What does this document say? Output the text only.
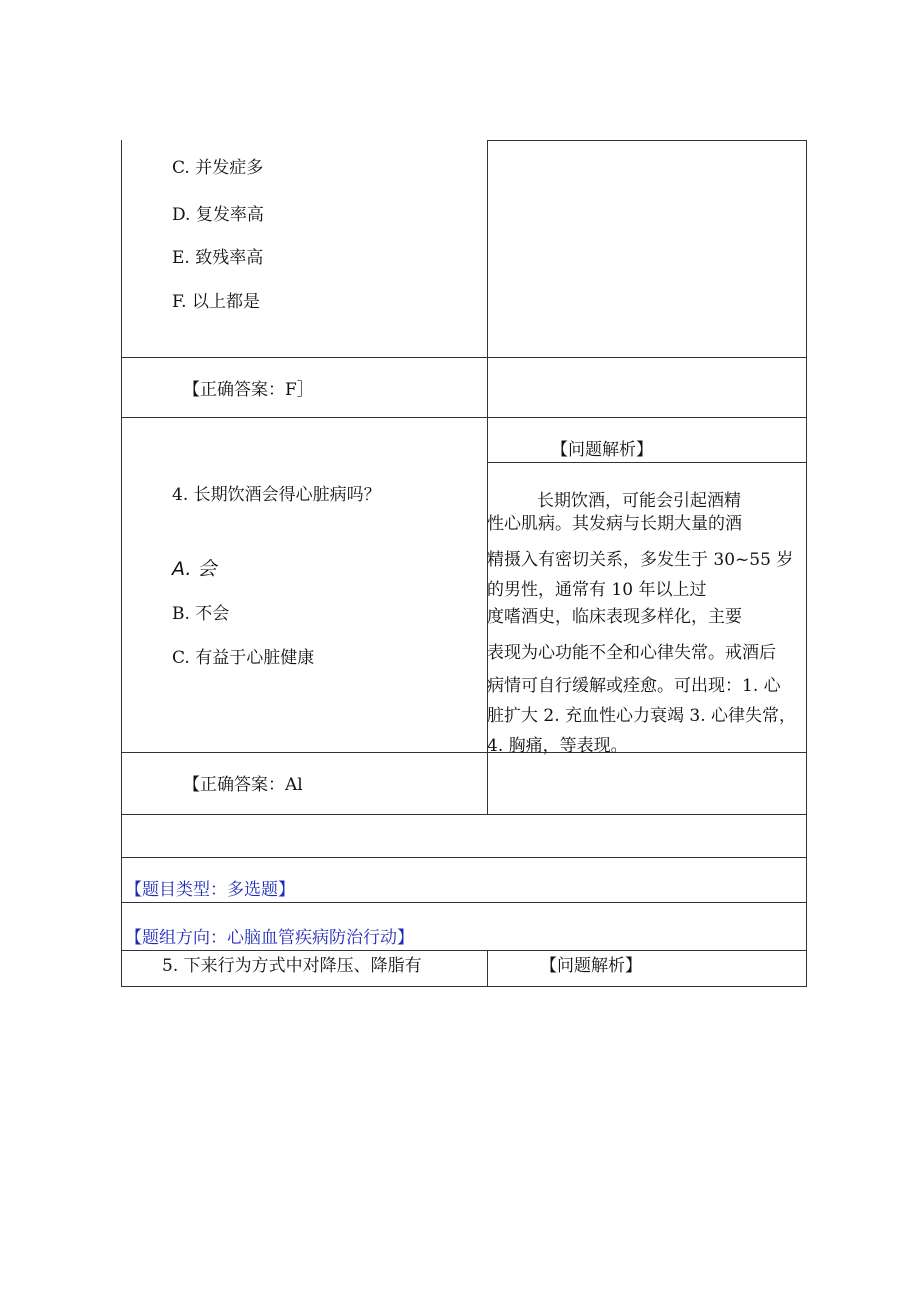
C. 并发症多
D. 复发率高
E. 致残率高
F. 以上都是
【正确答案：F］
【问题解析】
4. 长期饮酒会得心脏病吗？
A. 会
B. 不会
C. 有益于心脏健康
长期饮酒，可能会引起酒精
性心肌病。其发病与长期大量的酒
精摄入有密切关系，多发生于 30~55 岁
的男性，通常有 10 年以上过
度嗜酒史，临床表现多样化，主要
表现为心功能不全和心律失常。戒酒后
病情可自行缓解或痊愈。可出现：1. 心
脏扩大 2. 充血性心力衰竭 3. 心律失常，
4. 胸痛，等表现。
【正确答案：Al
【题目类型：多选题】
【题组方向：心脑血管疾病防治行动】
5. 下来行为方式中对降压、降脂有	【问题解析】
